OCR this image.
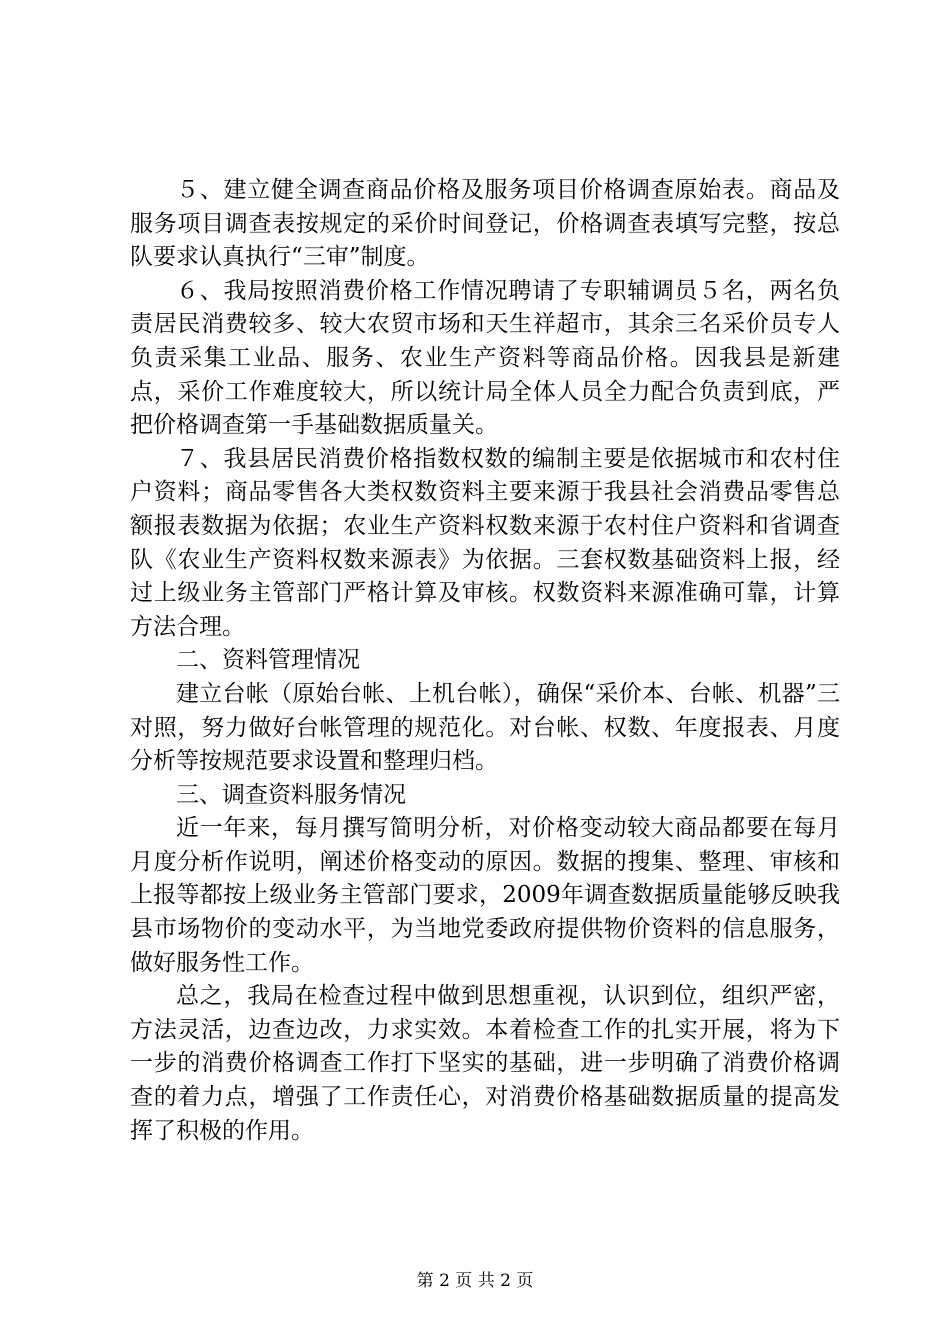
５、建立健全调查商品价格及服务项目价格调查原始表。商品及服务项目调查表按规定的采价时间登记，价格调查表填写完整，按总队要求认真执行“三审”制度。

６、我局按照消费价格工作情况聘请了专职辅调员５名，两名负责居民消费较多、较大农贸市场和天生祥超市，其余三名采价员专人负责采集工业品、服务、农业生产资料等商品价格。因我县是新建点，采价工作难度较大，所以统计局全体人员全力配合负责到底，严把价格调查第一手基础数据质量关。

７、我县居民消费价格指数权数的编制主要是依据城市和农村住户资料；商品零售各大类权数资料主要来源于我县社会消费品零售总额报表数据为依据；农业生产资料权数来源于农村住户资料和省调查队《农业生产资料权数来源表》为依据。三套权数基础资料上报，经过上级业务主管部门严格计算及审核。权数资料来源准确可靠，计算方法合理。

二、资料管理情况

建立台帐（原始台帐、上机台帐），确保“采价本、台帐、机器”三对照，努力做好台帐管理的规范化。对台帐、权数、年度报表、月度分析等按规范要求设置和整理归档。

三、调查资料服务情况

近一年来，每月撰写简明分析，对价格变动较大商品都要在每月月度分析作说明，阐述价格变动的原因。数据的搜集、整理、审核和上报等都按上级业务主管部门要求，2009年调查数据质量能够反映我县市场物价的变动水平，为当地党委政府提供物价资料的信息服务，做好服务性工作。

总之，我局在检查过程中做到思想重视，认识到位，组织严密，方法灵活，边查边改，力求实效。本着检查工作的扎实开展，将为下一步的消费价格调查工作打下坚实的基础，进一步明确了消费价格调查的着力点，增强了工作责任心，对消费价格基础数据质量的提高发挥了积极的作用。

第 2 页 共 2 页
